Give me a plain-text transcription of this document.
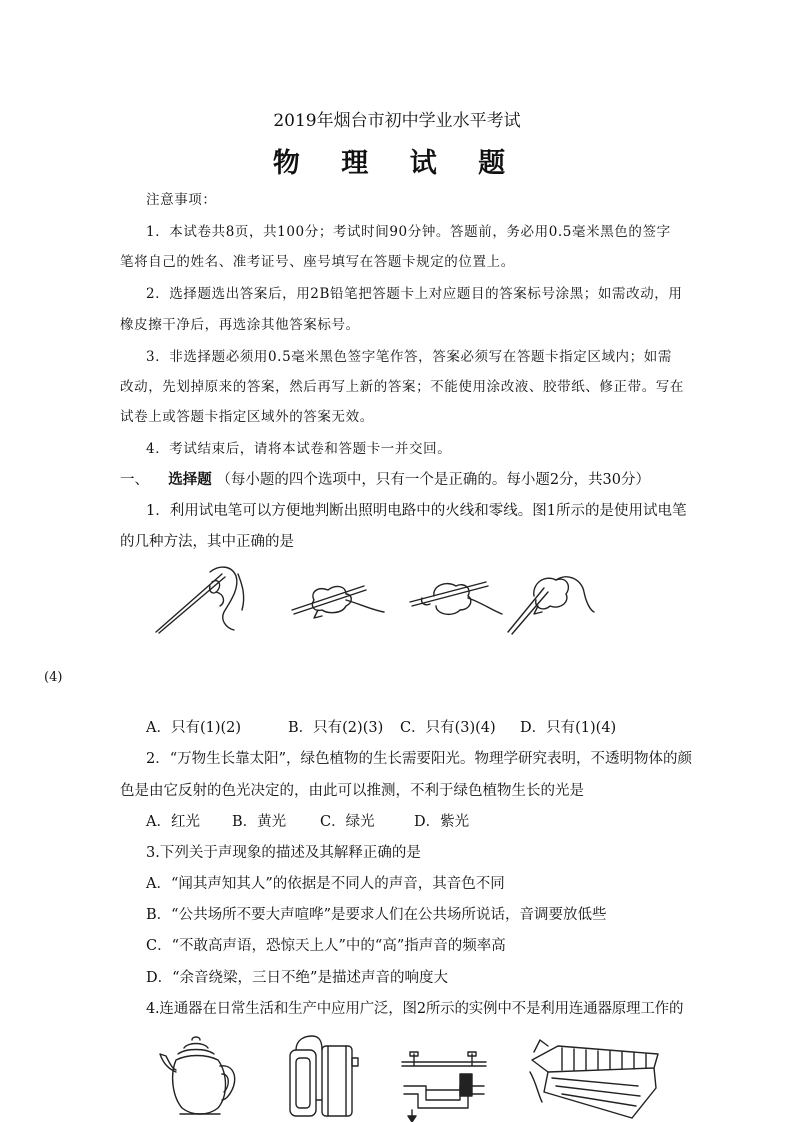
2019年烟台市初中学业水平考试
物 理 试 题
注意事项：
1．本试卷共8页，共100分；考试时间90分钟。答题前，务必用0.5毫米黑色的签字
笔将自己的姓名、准考证号、座号填写在答题卡规定的位置上。
2．选择题选出答案后，用2B铅笔把答题卡上对应题目的答案标号涂黑；如需改动，用
橡皮擦干净后，再选涂其他答案标号。
3．非选择题必须用0.5毫米黑色签字笔作答，答案必须写在答题卡指定区域内；如需
改动，先划掉原来的答案，然后再写上新的答案；不能使用涂改液、胶带纸、修正带。写在
试卷上或答题卡指定区域外的答案无效。
4．考试结束后，请将本试卷和答题卡一并交回。
一、 选择题 （每小题的四个选项中，只有一个是正确的。每小题2分，共30分）
1．利用试电笔可以方便地判断出照明电路中的火线和零线。图1所示的是使用试电笔
的几种方法，其中正确的是
(4)
A．只有(1)(2)	B．只有(2)(3) C．只有(3)(4) D．只有(1)(4)
2．“万物生长靠太阳”，绿色植物的生长需要阳光。物理学研究表明，不透明物体的颜
色是由它反射的色光决定的，由此可以推测，不利于绿色植物生长的光是
A．红光 B．黄光 C．绿光	D．紫光
3.下列关于声现象的描述及其解释正确的是
A．“闻其声知其人”的依据是不同人的声音，其音色不同
B．“公共场所不要大声喧哗”是要求人们在公共场所说话，音调要放低些
C．“不敢高声语，恐惊天上人”中的“高”指声音的频率高
D．“余音绕梁，三日不绝”是描述声音的响度大
4.连通器在日常生活和生产中应用广泛，图2所示的实例中不是利用连通器原理工作的
